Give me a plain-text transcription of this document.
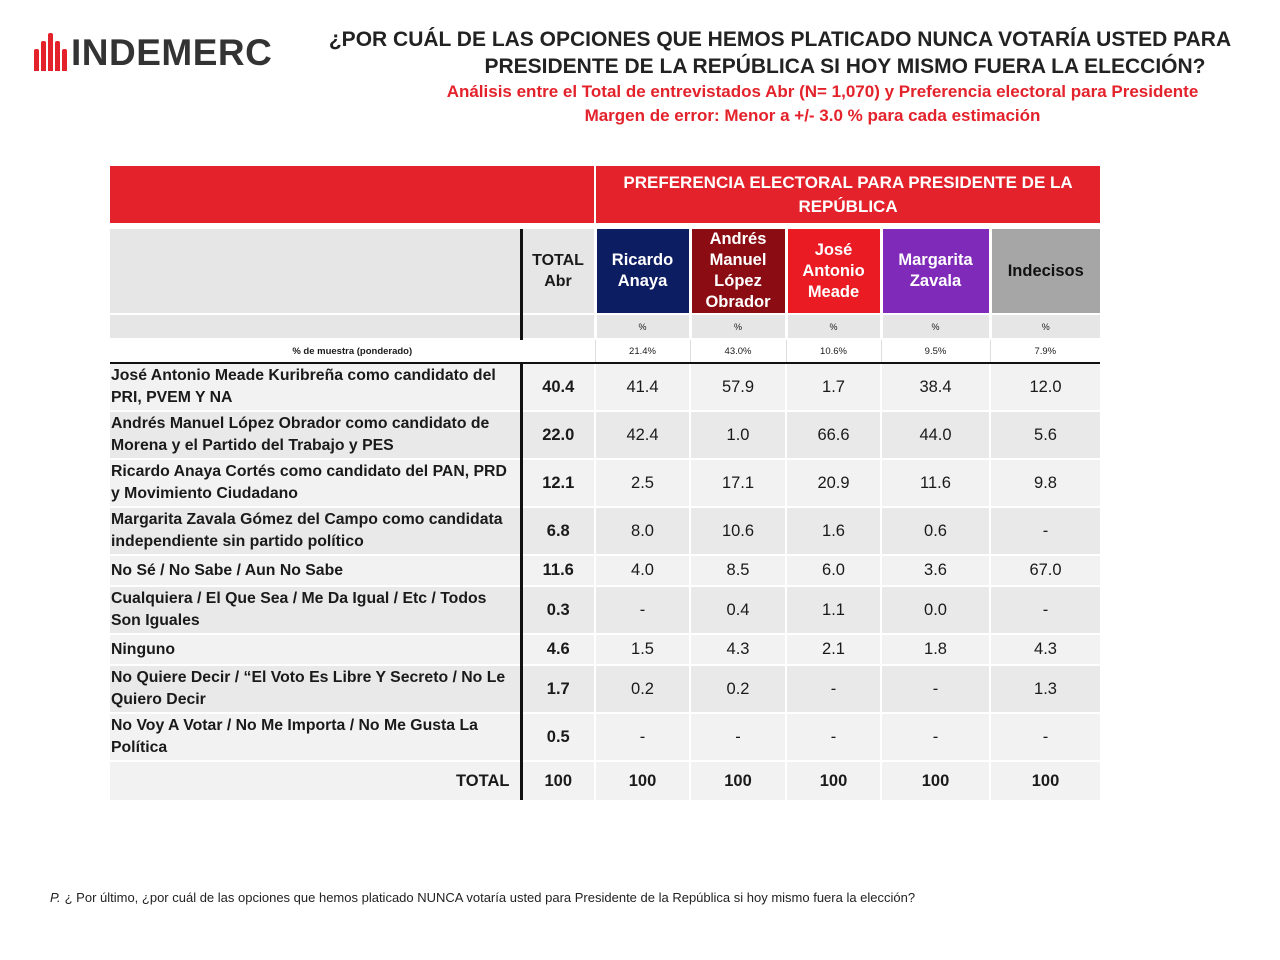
INDEMERC	¿POR CUÁL DE LAS OPCIONES QUE HEMOS PLATICADO NUNCA VOTARÍA USTED PARA
PRESIDENTE DE LA REPÚBLICA SI HOY MISMO FUERA LA ELECCIÓN?
Análisis entre el Total de entrevistados Abr (N= 1,070) y Preferencia electoral para Presidente
Margen de error: Menor a +/- 3.0 % para cada estimación
		PREFERENCIA ELECTORAL PARA PRESIDENTE DE LA REPÚBLICA				

	TOTAL Abr	Ricardo Anaya	Andrés Manuel López Obrador	José Antonio Meade	Margarita Zavala	Indecisos
		%	%	%	%	%
% de muestra (ponderado)		21.4%	43.0%	10.6%	9.5%	7.9%
José Antonio Meade Kuribreña como candidato del PRI, PVEM Y NA	40.4	41.4	57.9	1.7	38.4	12.0
Andrés Manuel López Obrador como candidato de Morena y el Partido del Trabajo y PES	22.0	42.4	1.0	66.6	44.0	5.6
Ricardo Anaya Cortés como candidato del PAN, PRD y Movimiento Ciudadano	12.1	2.5	17.1	20.9	11.6	9.8
Margarita Zavala Gómez del Campo como candidata independiente sin partido político	6.8	8.0	10.6	1.6	0.6	-
No Sé / No Sabe / Aun No Sabe	11.6	4.0	8.5	6.0	3.6	67.0
Cualquiera / El Que Sea / Me Da Igual / Etc / Todos Son Iguales	0.3	-	0.4	1.1	0.0	-
Ninguno	4.6	1.5	4.3	2.1	1.8	4.3
No Quiere Decir / “El Voto Es Libre Y Secreto / No Le Quiero Decir	1.7	0.2	0.2	-	-	1.3
No Voy A Votar / No Me Importa / No Me Gusta La Política	0.5	-	-	-	-	-
TOTAL	100	100	100	100	100	100
P. ¿ Por último, ¿por cuál de las opciones que hemos platicado NUNCA votaría usted para Presidente de la República si hoy mismo fuera la elección?
